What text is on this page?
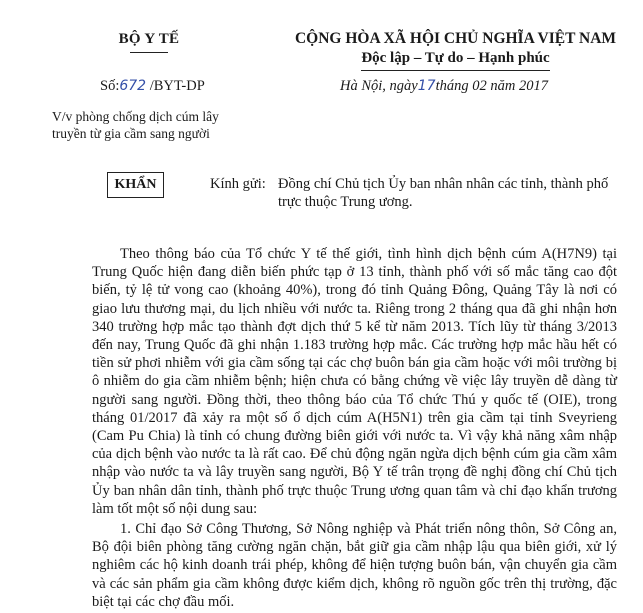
BỘ Y TẾ
Số:672 /BYT-DP
V/v phòng chống dịch cúm lây
truyền từ gia cầm sang người
CỘNG HÒA XÃ HỘI CHỦ NGHĨA VIỆT NAM
Độc lập – Tự do – Hạnh phúc
Hà Nội, ngày17tháng 02 năm 2017
KHẨN	Kính gửi: Đồng chí Chủ tịch Ủy ban nhân nhân các tỉnh, thành phố
trực thuộc Trung ương.

Theo thông báo của Tổ chức Y tế thế giới, tình hình dịch bệnh cúm A(H7N9) tại Trung Quốc hiện đang diễn biến phức tạp ở 13 tỉnh, thành phố với số mắc tăng cao đột biến, tỷ lệ tử vong cao (khoảng 40%), trong đó tỉnh Quảng Đông, Quảng Tây là nơi có giao lưu thương mại, du lịch nhiều với nước ta. Riêng trong 2 tháng qua đã ghi nhận hơn 340 trường hợp mắc tạo thành đợt dịch thứ 5 kể từ năm 2013. Tích lũy từ tháng 3/2013 đến nay, Trung Quốc đã ghi nhận 1.183 trường hợp mắc. Các trường hợp mắc hầu hết có tiền sử phơi nhiễm với gia cầm sống tại các chợ buôn bán gia cầm hoặc với môi trường bị ô nhiễm do gia cầm nhiễm bệnh; hiện chưa có bằng chứng về việc lây truyền dễ dàng từ người sang người. Đồng thời, theo thông báo của Tổ chức Thú y quốc tế (OIE), trong tháng 01/2017 đã xảy ra một số ổ dịch cúm A(H5N1) trên gia cầm tại tỉnh Sveyrieng (Cam Pu Chia) là tỉnh có chung đường biên giới với nước ta. Vì vậy khả năng xâm nhập của dịch bệnh vào nước ta là rất cao. Để chủ động ngăn ngừa dịch bệnh cúm gia cầm xâm nhập vào nước ta và lây truyền sang người, Bộ Y tế trân trọng đề nghị đồng chí Chủ tịch Ủy ban nhân dân tỉnh, thành phố trực thuộc Trung ương quan tâm và chỉ đạo khẩn trương làm tốt một số nội dung sau:

1. Chỉ đạo Sở Công Thương, Sở Nông nghiệp và Phát triển nông thôn, Sở Công an, Bộ đội biên phòng tăng cường ngăn chặn, bắt giữ gia cầm nhập lậu qua biên giới, xử lý nghiêm các hộ kinh doanh trái phép, không để hiện tượng buôn bán, vận chuyển gia cầm và các sản phẩm gia cầm không được kiểm dịch, không rõ nguồn gốc trên thị trường, đặc biệt tại các chợ đầu mối.
